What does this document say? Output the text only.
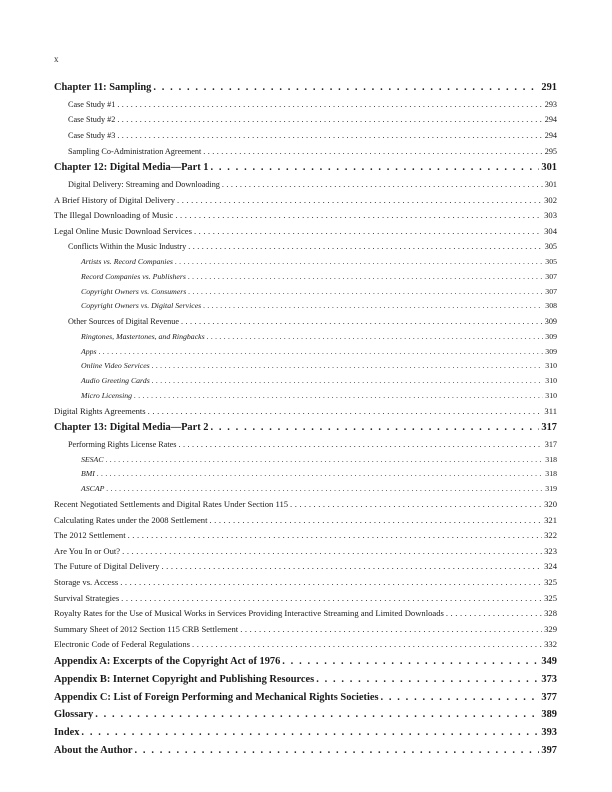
x
Chapter 11: Sampling . . .	291
Case Study #1 . . .	293
Case Study #2 . . .	294
Case Study #3 . . .	294
Sampling Co-Administration Agreement . . .	295
Chapter 12: Digital Media—Part 1 . . .	301
Digital Delivery: Streaming and Downloading . . .	301
A Brief History of Digital Delivery . . .	302
The Illegal Downloading of Music . . .	303
Legal Online Music Download Services . . .	304
Conflicts Within the Music Industry . . .	305
Artists vs. Record Companies . . .	305
Record Companies vs. Publishers . . .	307
Copyright Owners vs. Consumers . . .	307
Copyright Owners vs. Digital Services . . .	308
Other Sources of Digital Revenue . . .	309
Ringtones, Mastertones, and Ringbacks . . .	309
Apps . . .	309
Online Video Services . . .	310
Audio Greeting Cards . . .	310
Micro Licensing . . .	310
Digital Rights Agreements . . .	311
Chapter 13: Digital Media—Part 2 . . .	317
Performing Rights License Rates . . .	317
SESAC . . .	318
BMI . . .	318
ASCAP . . .	319
Recent Negotiated Settlements and Digital Rates Under Section 115 . . .	320
Calculating Rates under the 2008 Settlement . . .	321
The 2012 Settlement . . .	322
Are You In or Out? . . .	323
The Future of Digital Delivery . . .	324
Storage vs. Access . . .	325
Survival Strategies . . .	325
Royalty Rates for the Use of Musical Works in Services Providing Interactive Streaming and Limited Downloads . . .	328
Summary Sheet of 2012 Section 115 CRB Settlement . . .	329
Electronic Code of Federal Regulations . . .	332
Appendix A: Excerpts of the Copyright Act of 1976 . . .	349
Appendix B: Internet Copyright and Publishing Resources . . .	373
Appendix C: List of Foreign Performing and Mechanical Rights Societies . . .	377
Glossary . . .	389
Index . . .	393
About the Author . . .	397
